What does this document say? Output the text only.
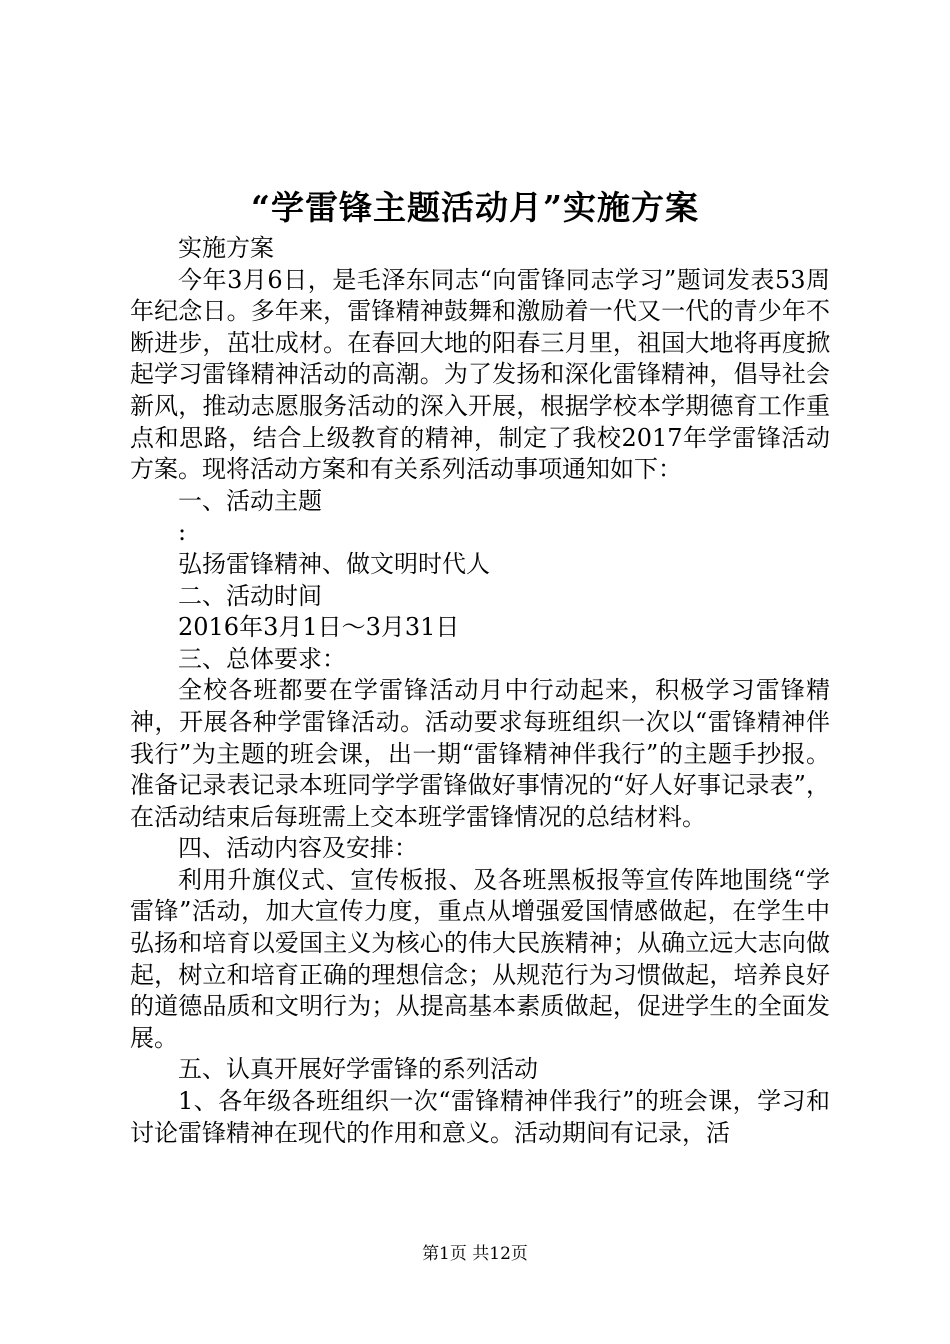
“学雷锋主题活动月”实施方案

实施方案

今年3月6日，是毛泽东同志“向雷锋同志学习”题词发表53周年纪念日。多年来，雷锋精神鼓舞和激励着一代又一代的青少年不断进步，茁壮成材。在春回大地的阳春三月里，祖国大地将再度掀起学习雷锋精神活动的高潮。为了发扬和深化雷锋精神，倡导社会新风，推动志愿服务活动的深入开展，根据学校本学期德育工作重点和思路，结合上级教育的精神，制定了我校2017年学雷锋活动方案。现将活动方案和有关系列活动事项通知如下：

一、活动主题

:

弘扬雷锋精神、做文明时代人

二、活动时间

2016年3月1日～3月31日

三、总体要求：

全校各班都要在学雷锋活动月中行动起来，积极学习雷锋精神，开展各种学雷锋活动。活动要求每班组织一次以“雷锋精神伴我行”为主题的班会课，出一期“雷锋精神伴我行”的主题手抄报。准备记录表记录本班同学学雷锋做好事情况的“好人好事记录表”，在活动结束后每班需上交本班学雷锋情况的总结材料。

四、活动内容及安排：

利用升旗仪式、宣传板报、及各班黑板报等宣传阵地围绕“学雷锋”活动，加大宣传力度，重点从增强爱国情感做起，在学生中弘扬和培育以爱国主义为核心的伟大民族精神；从确立远大志向做起，树立和培育正确的理想信念；从规范行为习惯做起，培养良好的道德品质和文明行为；从提高基本素质做起，促进学生的全面发展。

五、认真开展好学雷锋的系列活动

1、各年级各班组织一次“雷锋精神伴我行”的班会课，学习和讨论雷锋精神在现代的作用和意义。活动期间有记录，活

第1页 共12页
